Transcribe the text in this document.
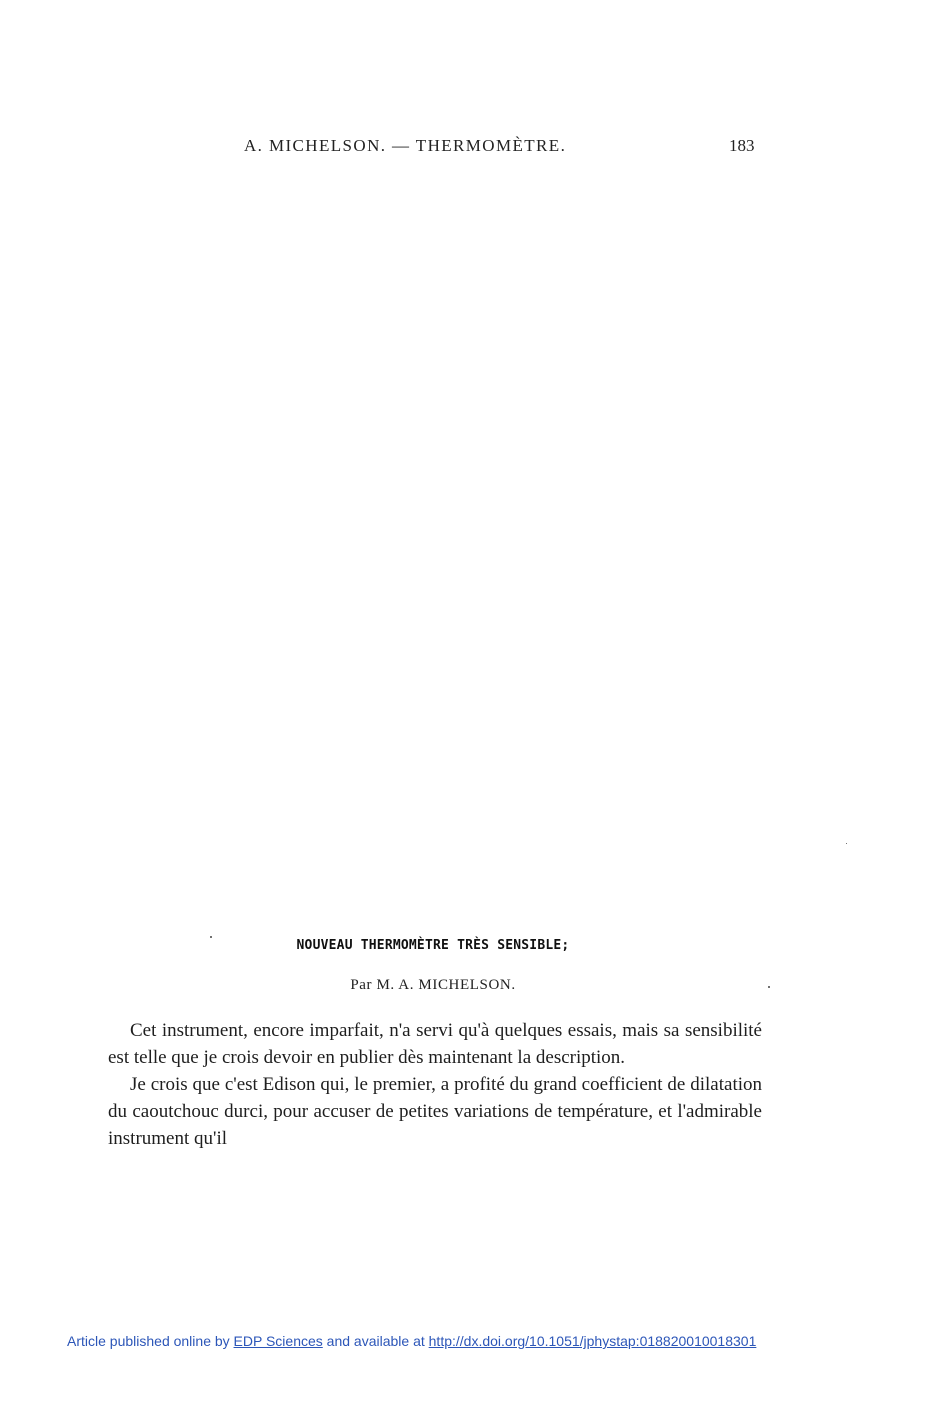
A. MICHELSON. — THERMOMÈTRE.	183
NOUVEAU THERMOMÈTRE TRÈS SENSIBLE;
Par M. A. MICHELSON.

Cet instrument, encore imparfait, n'a servi qu'à quelques essais, mais sa sensibilité est telle que je crois devoir en publier dès maintenant la description.

Je crois que c'est Edison qui, le premier, a profité du grand coefficient de dilatation du caoutchouc durci, pour accuser de petites variations de température, et l'admirable instrument qu'il

Article published online by EDP Sciences and available at http://dx.doi.org/10.1051/jphystap:018820010018301
